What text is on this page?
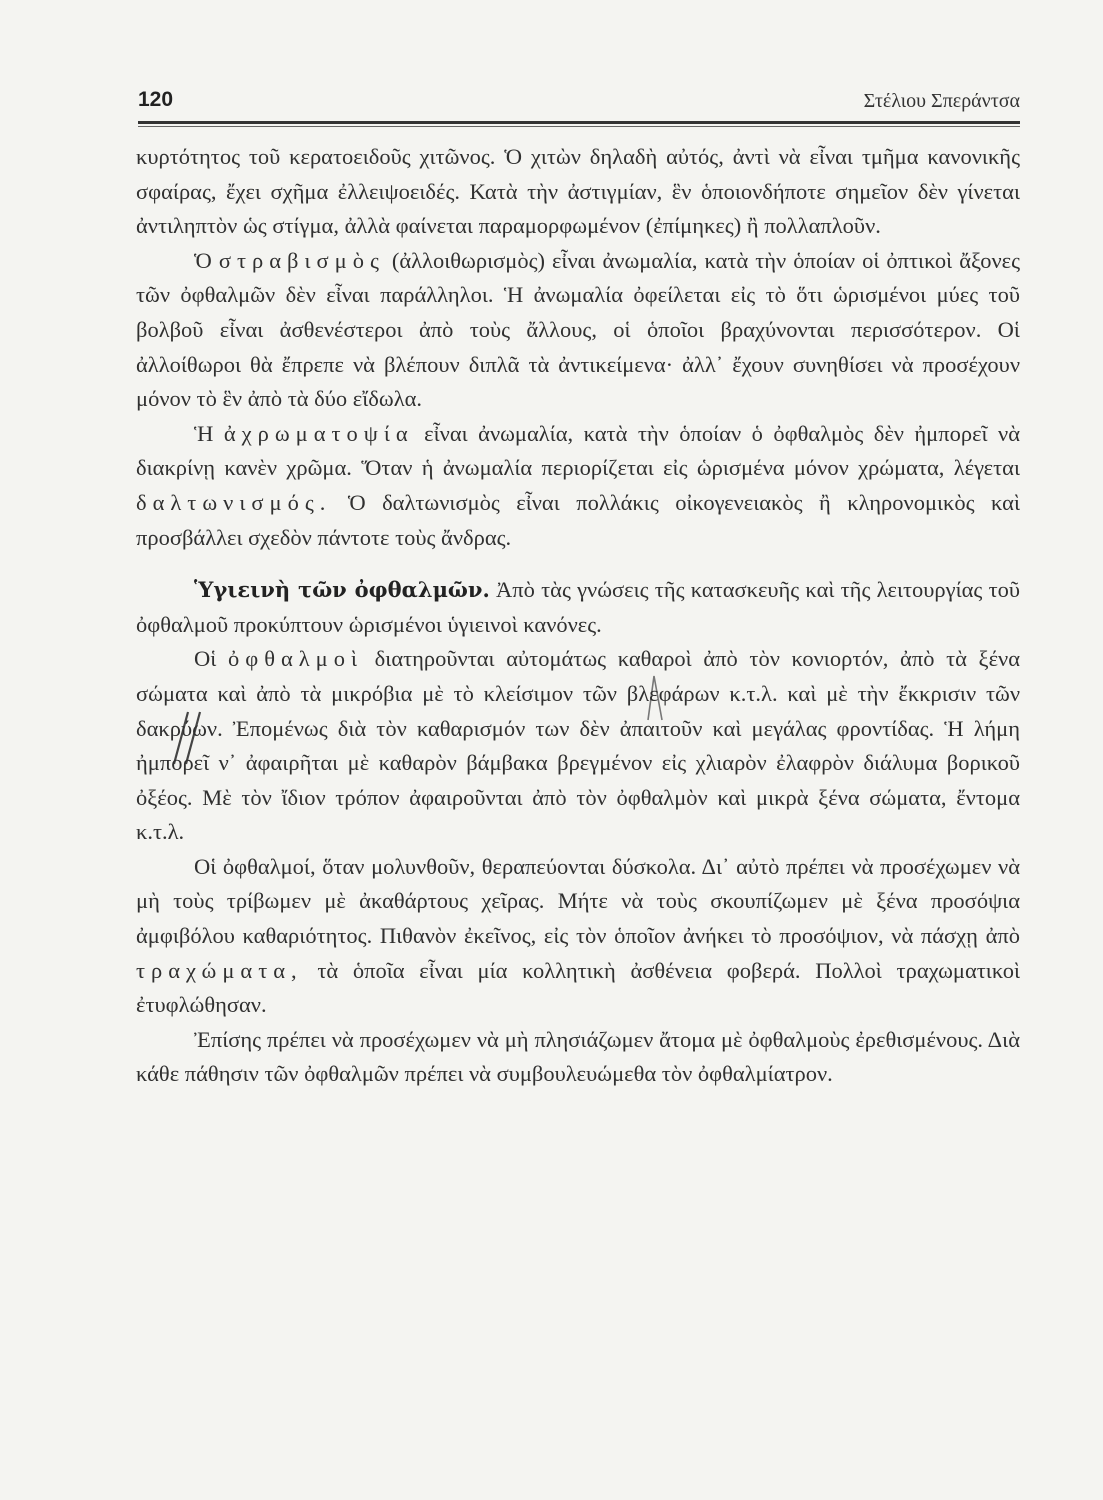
120	Στέλιου Σπεράντσα

κυρτότητος τοῦ κερατοειδοῦς χιτῶνος. Ὁ χιτὼν δηλαδὴ αὐτός, ἀντὶ νὰ εἶναι τμῆμα κανονικῆς σφαίρας, ἔχει σχῆμα ἐλλειψοειδές. Κατὰ τὴν ἀστιγμίαν, ἓν ὁποιονδήποτε σημεῖον δὲν γίνεται ἀντιληπτὸν ὡς στίγμα, ἀλλὰ φαίνεται παραμορφωμένον (ἐπίμηκες) ἢ πολλαπλοῦν.

Ὁ στραβισμὸς (ἀλλοιθωρισμὸς) εἶναι ἀνωμαλία, κατὰ τὴν ὁποίαν οἱ ὀπτικοὶ ἄξονες τῶν ὀφθαλμῶν δὲν εἶναι παράλληλοι. Ἡ ἀνωμαλία ὀφείλεται εἰς τὸ ὅτι ὡρισμένοι μύες τοῦ βολβοῦ εἶναι ἀσθενέστεροι ἀπὸ τοὺς ἄλλους, οἱ ὁποῖοι βραχύνονται περισσότερον. Οἱ ἀλλοίθωροι θὰ ἔπρεπε νὰ βλέπουν διπλᾶ τὰ ἀντικείμενα· ἀλλ᾽ ἔχουν συνηθίσει νὰ προσέχουν μόνον τὸ ἓν ἀπὸ τὰ δύο εἴδωλα.

Ἡ ἀχρωματοψία εἶναι ἀνωμαλία, κατὰ τὴν ὁποίαν ὁ ὀφθαλμὸς δὲν ἠμπορεῖ νὰ διακρίνῃ κανὲν χρῶμα. Ὅταν ἡ ἀνωμαλία περιορίζεται εἰς ὡρισμένα μόνον χρώματα, λέγεται δαλτωνισμός. Ὁ δαλτωνισμὸς εἶναι πολλάκις οἰκογενειακὸς ἢ κληρονομικὸς καὶ προσβάλλει σχεδὸν πάντοτε τοὺς ἄνδρας.

Ὑγιεινὴ τῶν ὀφθαλμῶν. Ἀπὸ τὰς γνώσεις τῆς κατασκευῆς καὶ τῆς λειτουργίας τοῦ ὀφθαλμοῦ προκύπτουν ὡρισμένοι ὑγιεινοὶ κανόνες.

Οἱ ὀφθαλμοὶ διατηροῦνται αὐτομάτως καθαροὶ ἀπὸ τὸν κονιορτόν, ἀπὸ τὰ ξένα σώματα καὶ ἀπὸ τὰ μικρόβια μὲ τὸ κλείσιμον τῶν βλεφάρων κ.τ.λ. καὶ μὲ τὴν ἔκκρισιν τῶν δακρύων. Ἐπομένως διὰ τὸν καθαρισμόν των δὲν ἀπαιτοῦν καὶ μεγάλας φροντίδας. Ἡ λήμη ἠμπορεῖ ν᾽ ἀφαιρῆται μὲ καθαρὸν βάμβακα βρεγμένον εἰς χλιαρὸν ἐλαφρὸν διάλυμα βορικοῦ ὀξέος. Μὲ τὸν ἴδιον τρόπον ἀφαιροῦνται ἀπὸ τὸν ὀφθαλμὸν καὶ μικρὰ ξένα σώματα, ἔντομα κ.τ.λ.

Οἱ ὀφθαλμοί, ὅταν μολυνθοῦν, θεραπεύονται δύσκολα. Δι᾽ αὐτὸ πρέπει νὰ προσέχωμεν νὰ μὴ τοὺς τρίβωμεν μὲ ἀκαθάρτους χεῖρας. Μήτε νὰ τοὺς σκουπίζωμεν μὲ ξένα προσόψια ἀμφιβόλου καθαριότητος. Πιθανὸν ἐκεῖνος, εἰς τὸν ὁποῖον ἀνήκει τὸ προσόψιον, νὰ πάσχῃ ἀπὸ τραχώματα, τὰ ὁποῖα εἶναι μία κολλητικὴ ἀσθένεια φοβερά. Πολλοὶ τραχωματικοὶ ἐτυφλώθησαν.

Ἐπίσης πρέπει νὰ προσέχωμεν νὰ μὴ πλησιάζωμεν ἄτομα μὲ ὀφθαλμοὺς ἐρεθισμένους. Διὰ κάθε πάθησιν τῶν ὀφθαλμῶν πρέπει νὰ συμβουλευώμεθα τὸν ὀφθαλμίατρον.
